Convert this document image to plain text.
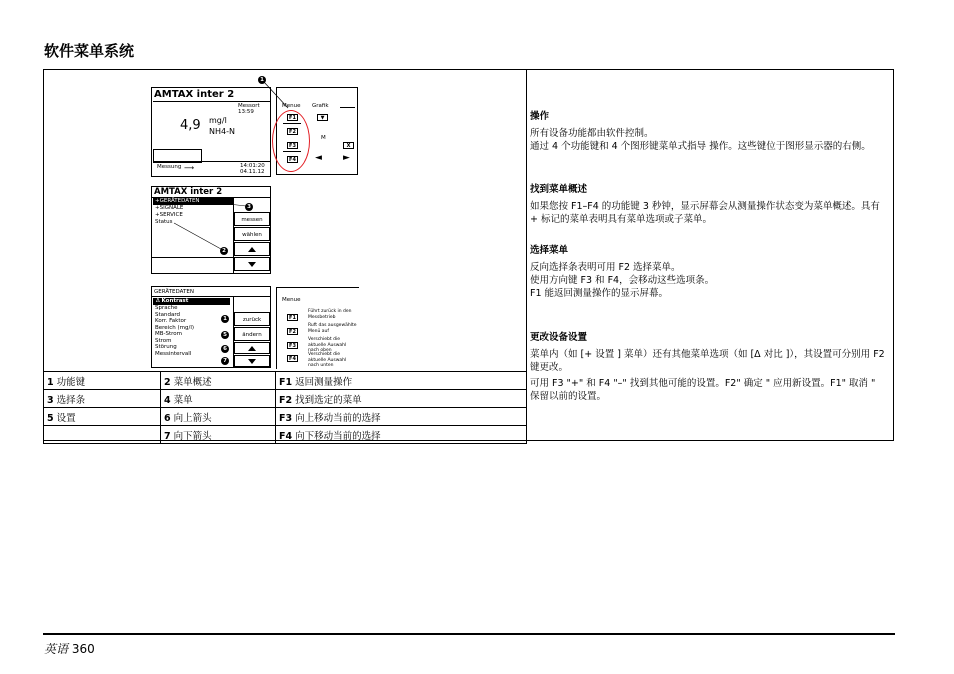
软件菜单系统
AMTAX inter 2
Messort
13:59
4,9 mg/l
NH4-N
Messung ⟶	14:01:20
04.11.12
Menue Grafik
F1
F2
F3
F4
▼
M
X
◄ ►
1
AMTAX inter 2
+GERÄTEDATEN
+SIGNALE
+SERVICE
Status	messen
wählen
3
2
GERÄTEDATEN
Δ Kontrast
Sprache
Standard
Korr. Faktor
Bereich (mg/l)
MB-Strom
Strom
Störung
Messintervall
zurück
ändern
1
5
6
7
Menue
F1
F2
F3
F4
Führt zurück in den Messbetrieb
Ruft das ausgewählte Menü auf
Verschiebt die aktuelle Auswahl nach oben
Verschiebt die aktuelle Auswahl nach unten
1 功能键	2 菜单概述	F1 返回测量操作
3 选择条	4 菜单	F2 找到选定的菜单
5 设置	6 向上箭头	F3 向上移动当前的选择
	7 向下箭头	F4 向下移动当前的选择
操作

所有设备功能都由软件控制。

通过 4 个功能键和 4 个图形键菜单式指导 操作。这些键位于图形显示器的右侧。

找到菜单概述

如果您按 F1–F4 的功能键 3 秒钟，显示屏幕会从测量操作状态变为菜单概述。具有 + 标记的菜单表明具有菜单选项或子菜单。

选择菜单

反向选择条表明可用 F2 选择菜单。

使用方向键 F3 和 F4，会移动这些选项条。

F1 能返回测量操作的显示屏幕。

更改设备设置

菜单内（如 [+ 设置 ] 菜单）还有其他菜单选项（如 [Δ 对比 ]），其设置可分别用 F2 键更改。

可用 F3 "+" 和 F4 "–" 找到其他可能的设置。F2" 确定 " 应用新设置。F1" 取消 " 保留以前的设置。

英语 360
